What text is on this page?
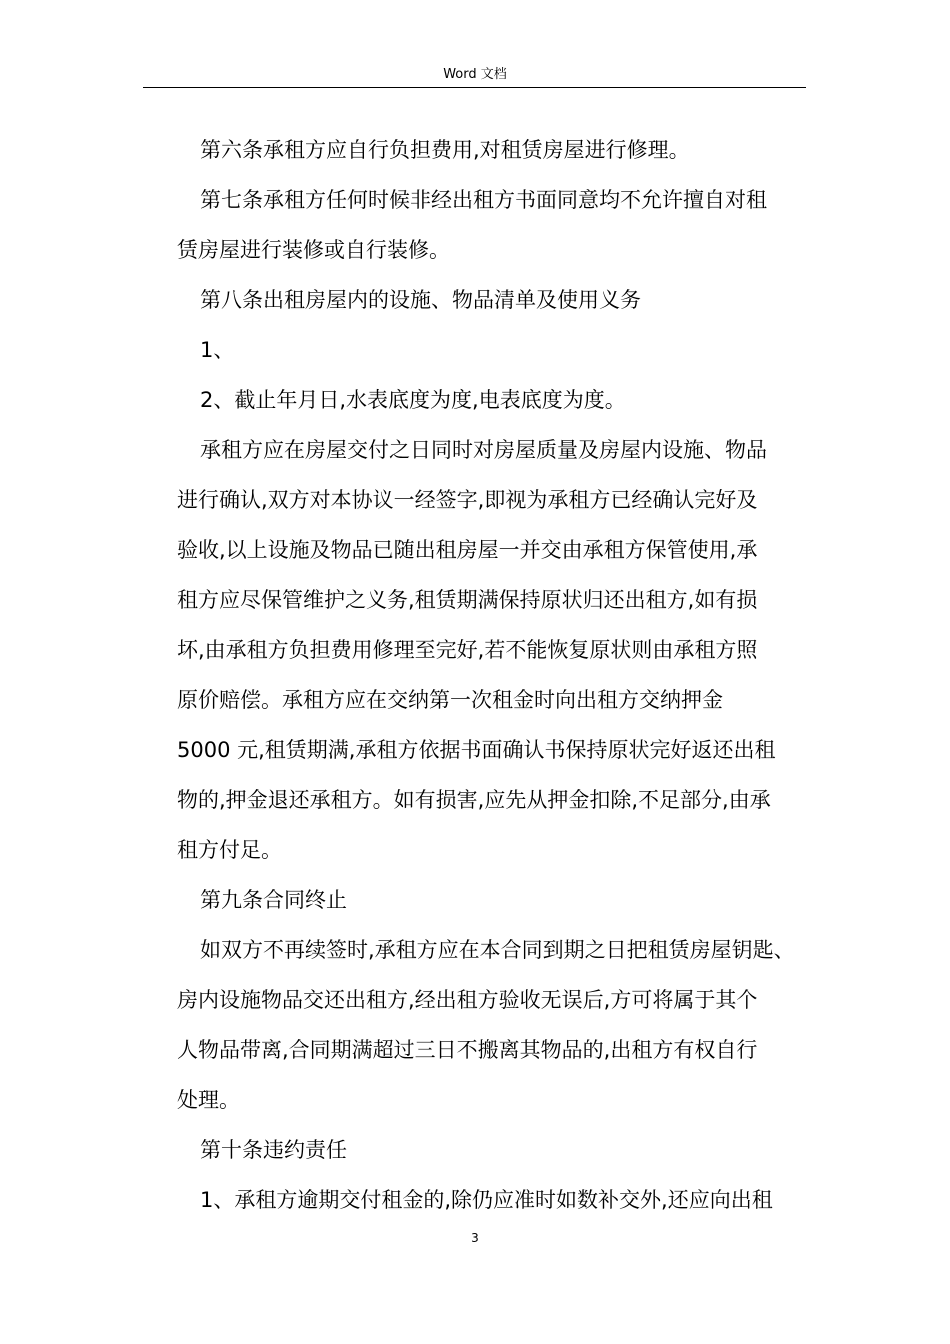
Word 文档

第六条承租方应自行负担费用,对租赁房屋进行修理。

第七条承租方任何时候非经出租方书面同意均不允许擅自对租

赁房屋进行装修或自行装修。

第八条出租房屋内的设施、物品清单及使用义务

1、

2、截止年月日,水表底度为度,电表底度为度。

承租方应在房屋交付之日同时对房屋质量及房屋内设施、物品

进行确认,双方对本协议一经签字,即视为承租方已经确认完好及

验收,以上设施及物品已随出租房屋一并交由承租方保管使用,承

租方应尽保管维护之义务,租赁期满保持原状归还出租方,如有损

坏,由承租方负担费用修理至完好,若不能恢复原状则由承租方照

原价赔偿。承租方应在交纳第一次租金时向出租方交纳押金

5000 元,租赁期满,承租方依据书面确认书保持原状完好返还出租

物的,押金退还承租方。如有损害,应先从押金扣除,不足部分,由承

租方付足。

第九条合同终止

如双方不再续签时,承租方应在本合同到期之日把租赁房屋钥匙、

房内设施物品交还出租方,经出租方验收无误后,方可将属于其个

人物品带离,合同期满超过三日不搬离其物品的,出租方有权自行

处理。

第十条违约责任

1、承租方逾期交付租金的,除仍应准时如数补交外,还应向出租

3
